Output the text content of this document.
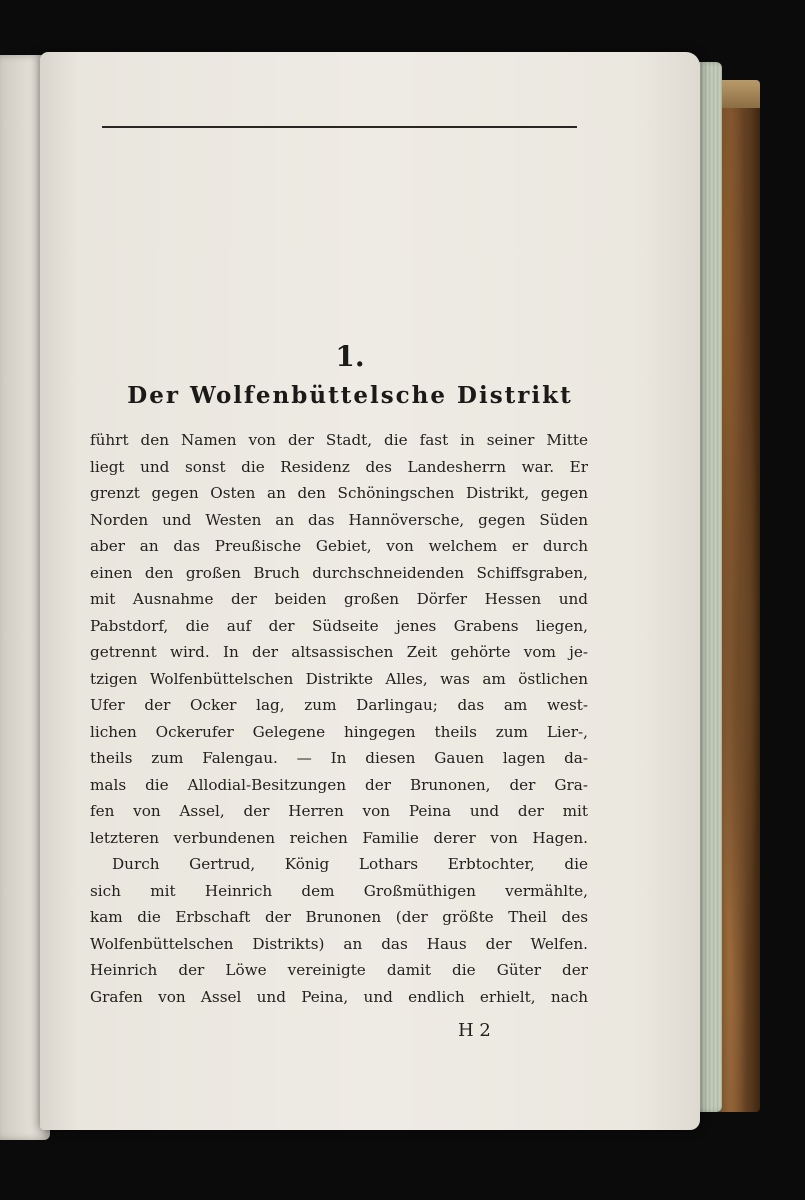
1.
Der Wolfenbüttelsche Distrikt
führt den Namen von der Stadt, die fast in seiner Mitte
liegt und sonst die Residenz des Landesherrn war. Er
grenzt gegen Osten an den Schöningschen Distrikt, gegen
Norden und Westen an das Hannöversche, gegen Süden
aber an das Preußische Gebiet, von welchem er durch
einen den großen Bruch durchschneidenden Schiffsgraben,
mit Ausnahme der beiden großen Dörfer Hessen und
Pabstdorf, die auf der Südseite jenes Grabens liegen,
getrennt wird. In der altsassischen Zeit gehörte vom je-
tzigen Wolfenbüttelschen Distrikte Alles, was am östlichen
Ufer der Ocker lag, zum Darlingau; das am west-
lichen Ockerufer Gelegene hingegen theils zum Lier-,
theils zum Falengau. — In diesen Gauen lagen da-
mals die Allodial-Besitzungen der Brunonen, der Gra-
fen von Assel, der Herren von Peina und der mit
letzteren verbundenen reichen Familie derer von Hagen.
Durch Gertrud, König Lothars Erbtochter, die
sich mit Heinrich dem Großmüthigen vermählte,
kam die Erbschaft der Brunonen (der größte Theil des
Wolfenbüttelschen Distrikts) an das Haus der Welfen.
Heinrich der Löwe vereinigte damit die Güter der
Grafen von Assel und Peina, und endlich erhielt, nach
H 2
